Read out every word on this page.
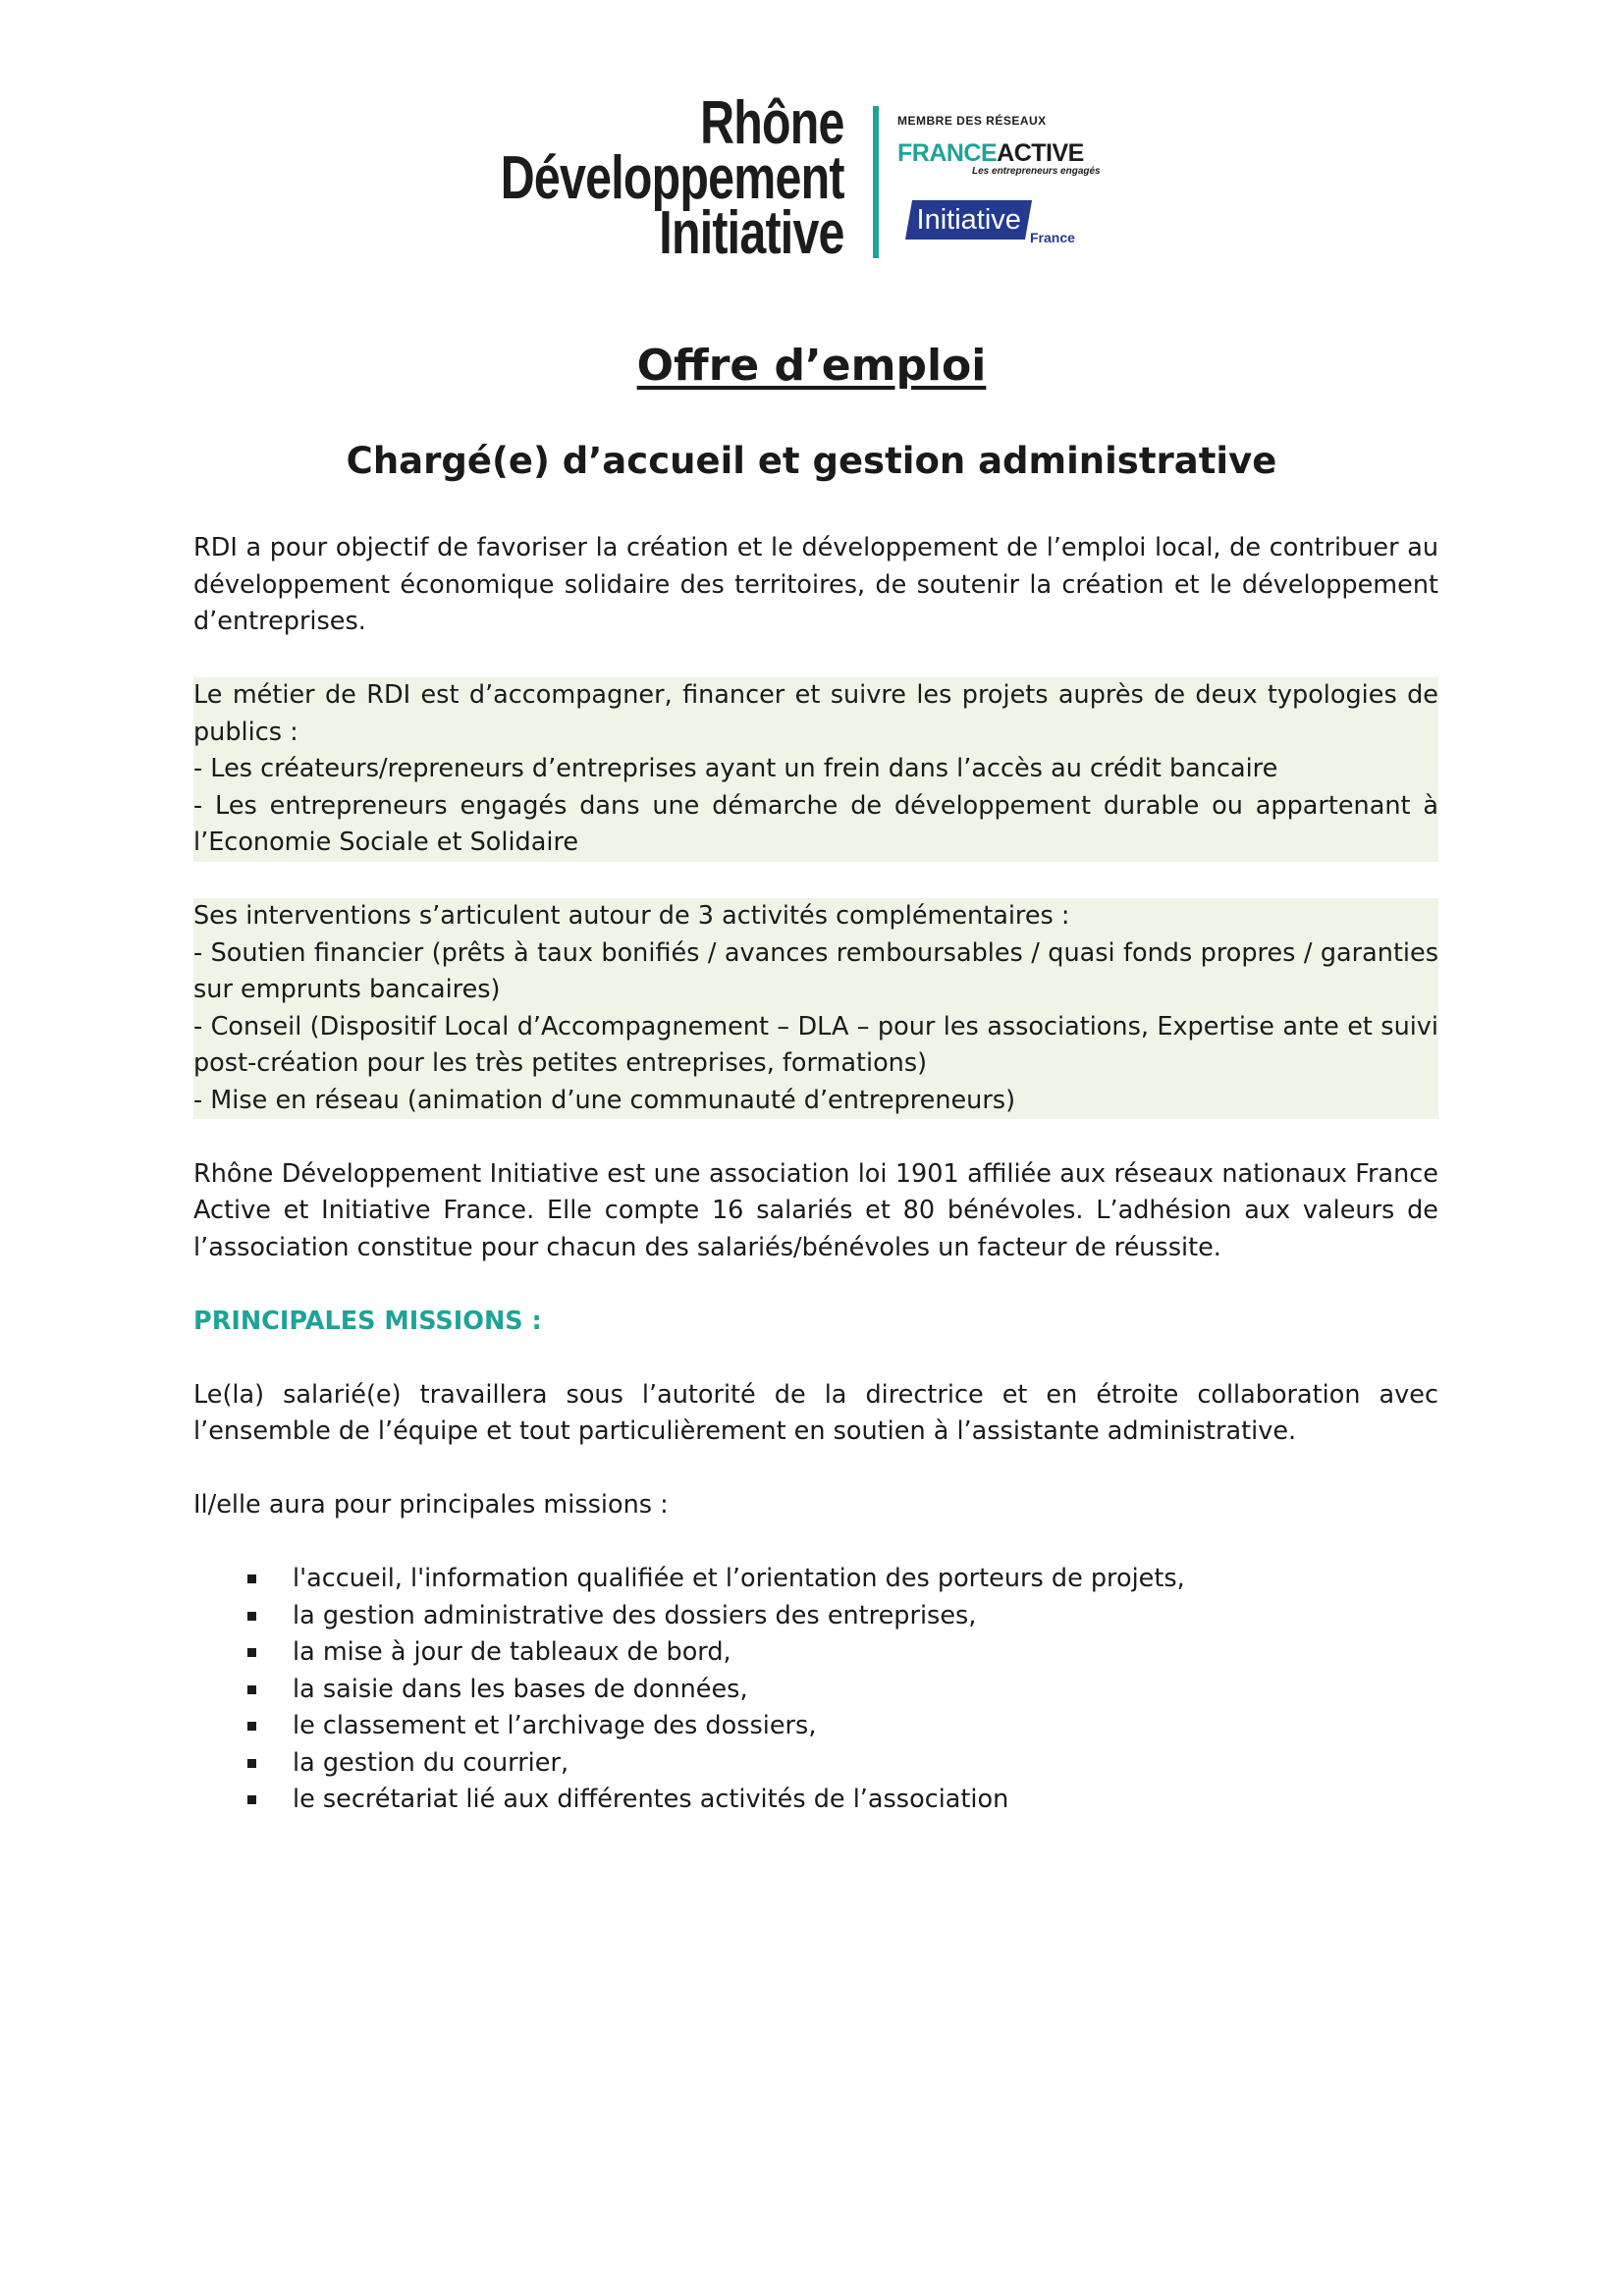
Rhône
Développement
Initiative
MEMBRE DES RÉSEAUX
FRANCEACTIVE
Les entrepreneurs engagés
Initiative
France
Offre d’emploi
Chargé(e) d’accueil et gestion administrative

RDI a pour objectif de favoriser la création et le développement de l’emploi local, de contribuer au développement économique solidaire des territoires, de soutenir la création et le développement d’entreprises.

Le métier de RDI est d’accompagner, financer et suivre les projets auprès de deux typologies de publics :
- Les créateurs/repreneurs d’entreprises ayant un frein dans l’accès au crédit bancaire
- Les entrepreneurs engagés dans une démarche de développement durable ou appartenant à l’Economie Sociale et Solidaire
Ses interventions s’articulent autour de 3 activités complémentaires :
- Soutien financier (prêts à taux bonifiés / avances remboursables / quasi fonds propres / garanties sur emprunts bancaires)
- Conseil (Dispositif Local d’Accompagnement – DLA – pour les associations, Expertise ante et suivi post-création pour les très petites entreprises, formations)
- Mise en réseau (animation d’une communauté d’entrepreneurs)

Rhône Développement Initiative est une association loi 1901 affiliée aux réseaux nationaux France Active et Initiative France. Elle compte 16 salariés et 80 bénévoles. L’adhésion aux valeurs de l’association constitue pour chacun des salariés/bénévoles un facteur de réussite.

PRINCIPALES MISSIONS :

Le(la) salarié(e) travaillera sous l’autorité de la directrice et en étroite collaboration avec l’ensemble de l’équipe et tout particulièrement en soutien à l’assistante administrative.

Il/elle aura pour principales missions :

l'accueil, l'information qualifiée et l’orientation des porteurs de projets,
la gestion administrative des dossiers des entreprises,
la mise à jour de tableaux de bord,
la saisie dans les bases de données,
le classement et l’archivage des dossiers,
la gestion du courrier,
le secrétariat lié aux différentes activités de l’association
